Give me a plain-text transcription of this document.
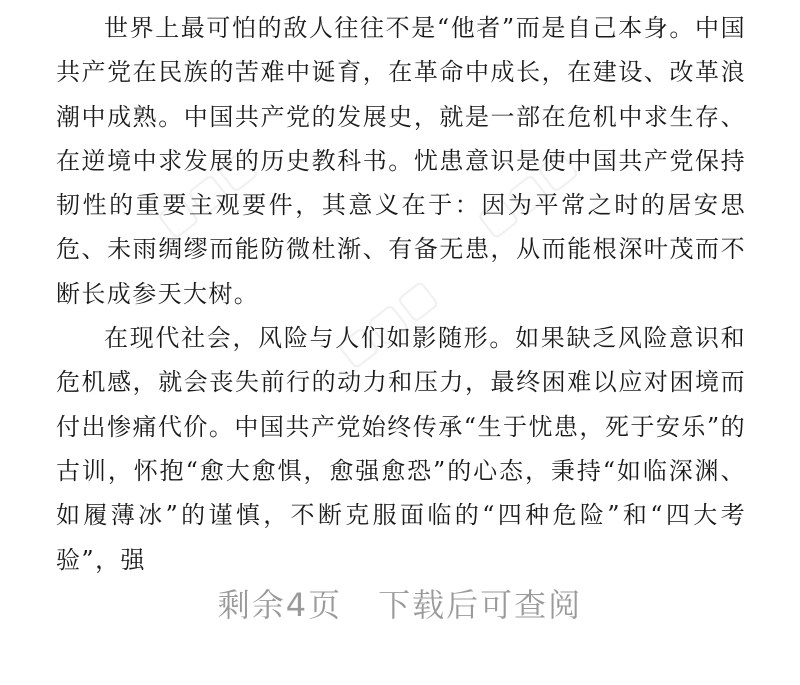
▢▢▢	▢▢▢
▢▢▢

世界上最可怕的敌人往往不是“他者”而是自己本身。中国共产党在民族的苦难中诞育，在革命中成长，在建设、改革浪潮中成熟。中国共产党的发展史，就是一部在危机中求生存、在逆境中求发展的历史教科书。忧患意识是使中国共产党保持韧性的重要主观要件，其意义在于：因为平常之时的居安思危、未雨绸缪而能防微杜渐、有备无患，从而能根深叶茂而不断长成参天大树。

在现代社会，风险与人们如影随形。如果缺乏风险意识和危机感，就会丧失前行的动力和压力，最终困难以应对困境而付出惨痛代价。中国共产党始终传承“生于忧患，死于安乐”的古训，怀抱“愈大愈惧，愈强愈恐”的心态，秉持“如临深渊、如履薄冰”的谨慎，不断克服面临的“四种危险”和“四大考验”，强

剩余4页 下载后可查阅
